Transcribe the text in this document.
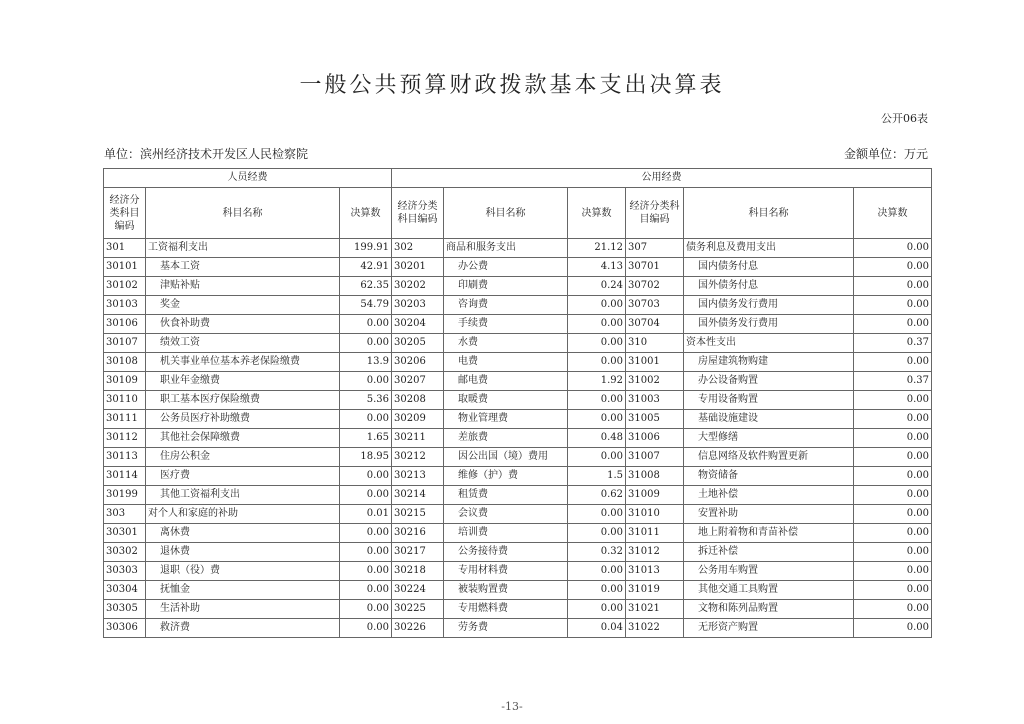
一般公共预算财政拨款基本支出决算表
公开06表
单位：滨州经济技术开发区人民检察院	金额单位：万元
人员经费			公用经费					
经济分类科目编码	科目名称	决算数	经济分类科目编码	科目名称	决算数	经济分类科目编码	科目名称	决算数
301	工资福利支出	199.91	302	商品和服务支出	21.12	307	债务利息及费用支出	0.00
30101	基本工资	42.91	30201	办公费	4.13	30701	国内债务付息	0.00
30102	津贴补贴	62.35	30202	印刷费	0.24	30702	国外债务付息	0.00
30103	奖金	54.79	30203	咨询费	0.00	30703	国内债务发行费用	0.00
30106	伙食补助费	0.00	30204	手续费	0.00	30704	国外债务发行费用	0.00
30107	绩效工资	0.00	30205	水费	0.00	310	资本性支出	0.37
30108	机关事业单位基本养老保险缴费	13.9	30206	电费	0.00	31001	房屋建筑物购建	0.00
30109	职业年金缴费	0.00	30207	邮电费	1.92	31002	办公设备购置	0.37
30110	职工基本医疗保险缴费	5.36	30208	取暖费	0.00	31003	专用设备购置	0.00
30111	公务员医疗补助缴费	0.00	30209	物业管理费	0.00	31005	基础设施建设	0.00
30112	其他社会保障缴费	1.65	30211	差旅费	0.48	31006	大型修缮	0.00
30113	住房公积金	18.95	30212	因公出国（境）费用	0.00	31007	信息网络及软件购置更新	0.00
30114	医疗费	0.00	30213	维修（护）费	1.5	31008	物资储备	0.00
30199	其他工资福利支出	0.00	30214	租赁费	0.62	31009	土地补偿	0.00
303	对个人和家庭的补助	0.01	30215	会议费	0.00	31010	安置补助	0.00
30301	离休费	0.00	30216	培训费	0.00	31011	地上附着物和青苗补偿	0.00
30302	退休费	0.00	30217	公务接待费	0.32	31012	拆迁补偿	0.00
30303	退职（役）费	0.00	30218	专用材料费	0.00	31013	公务用车购置	0.00
30304	抚恤金	0.00	30224	被装购置费	0.00	31019	其他交通工具购置	0.00
30305	生活补助	0.00	30225	专用燃料费	0.00	31021	文物和陈列品购置	0.00
30306	救济费	0.00	30226	劳务费	0.04	31022	无形资产购置	0.00
-13-
